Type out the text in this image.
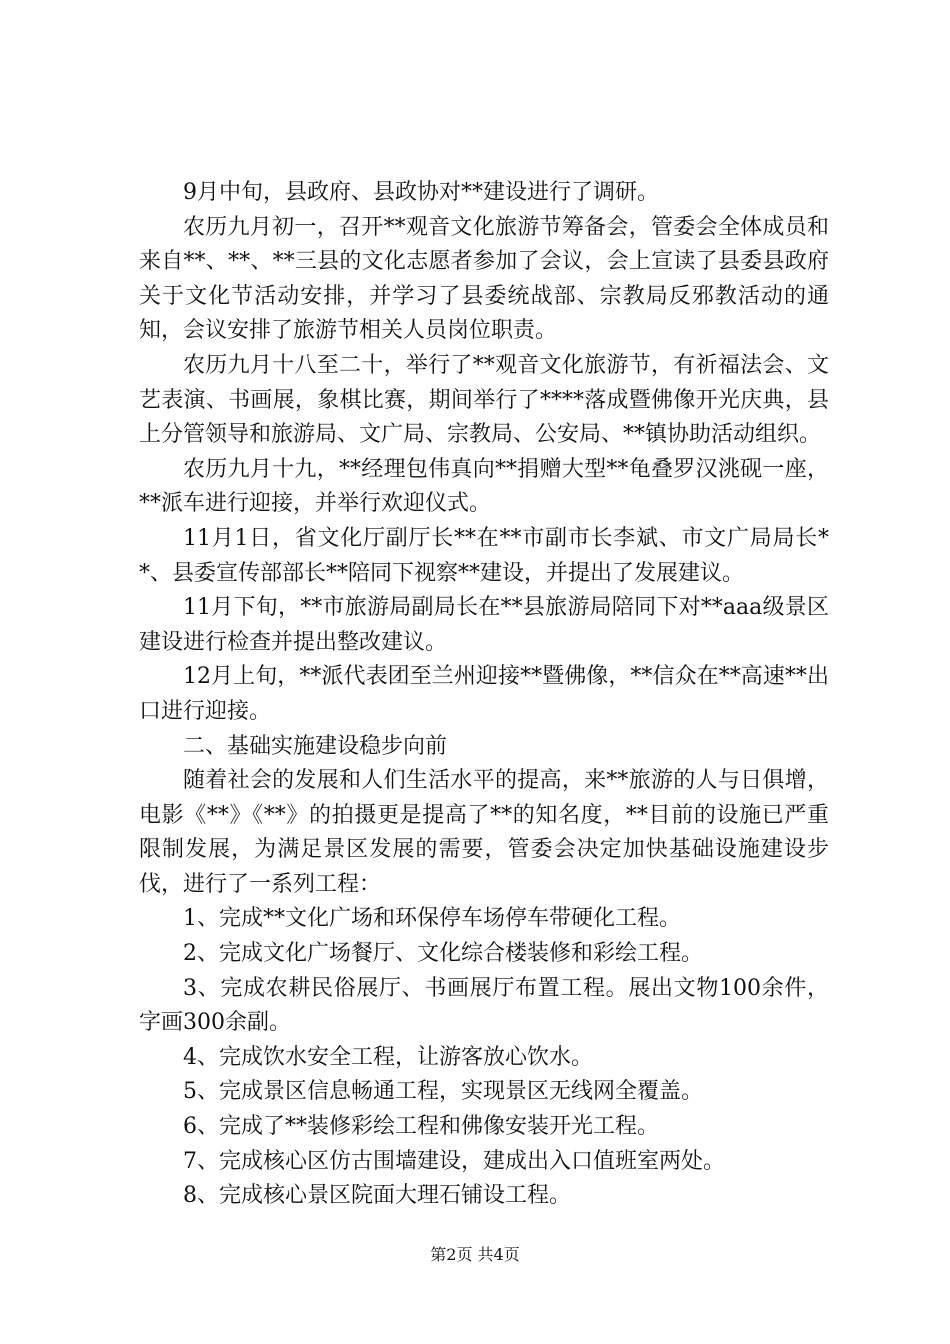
9月中旬，县政府、县政协对**建设进行了调研。

农历九月初一，召开**观音文化旅游节筹备会，管委会全体成员和来自**、**、**三县的文化志愿者参加了会议，会上宣读了县委县政府关于文化节活动安排，并学习了县委统战部、宗教局反邪教活动的通知，会议安排了旅游节相关人员岗位职责。

农历九月十八至二十，举行了**观音文化旅游节，有祈福法会、文艺表演、书画展，象棋比赛，期间举行了****落成暨佛像开光庆典，县上分管领导和旅游局、文广局、宗教局、公安局、**镇协助活动组织。

农历九月十九，**经理包伟真向**捐赠大型**龟叠罗汉洮砚一座，**派车进行迎接，并举行欢迎仪式。

11月1日，省文化厅副厅长**在**市副市长李斌、市文广局局长**、县委宣传部部长**陪同下视察**建设，并提出了发展建议。

11月下旬，**市旅游局副局长在**县旅游局陪同下对**aaa级景区建设进行检查并提出整改建议。

12月上旬，**派代表团至兰州迎接**暨佛像，**信众在**高速**出口进行迎接。

二、基础实施建设稳步向前

随着社会的发展和人们生活水平的提高，来**旅游的人与日俱增，电影《**》《**》的拍摄更是提高了**的知名度，**目前的设施已严重限制发展，为满足景区发展的需要，管委会决定加快基础设施建设步伐，进行了一系列工程：

1、完成**文化广场和环保停车场停车带硬化工程。

2、完成文化广场餐厅、文化综合楼装修和彩绘工程。

3、完成农耕民俗展厅、书画展厅布置工程。展出文物100余件，字画300余副。

4、完成饮水安全工程，让游客放心饮水。

5、完成景区信息畅通工程，实现景区无线网全覆盖。

6、完成了**装修彩绘工程和佛像安装开光工程。

7、完成核心区仿古围墙建设，建成出入口值班室两处。

8、完成核心景区院面大理石铺设工程。

第2页 共4页
